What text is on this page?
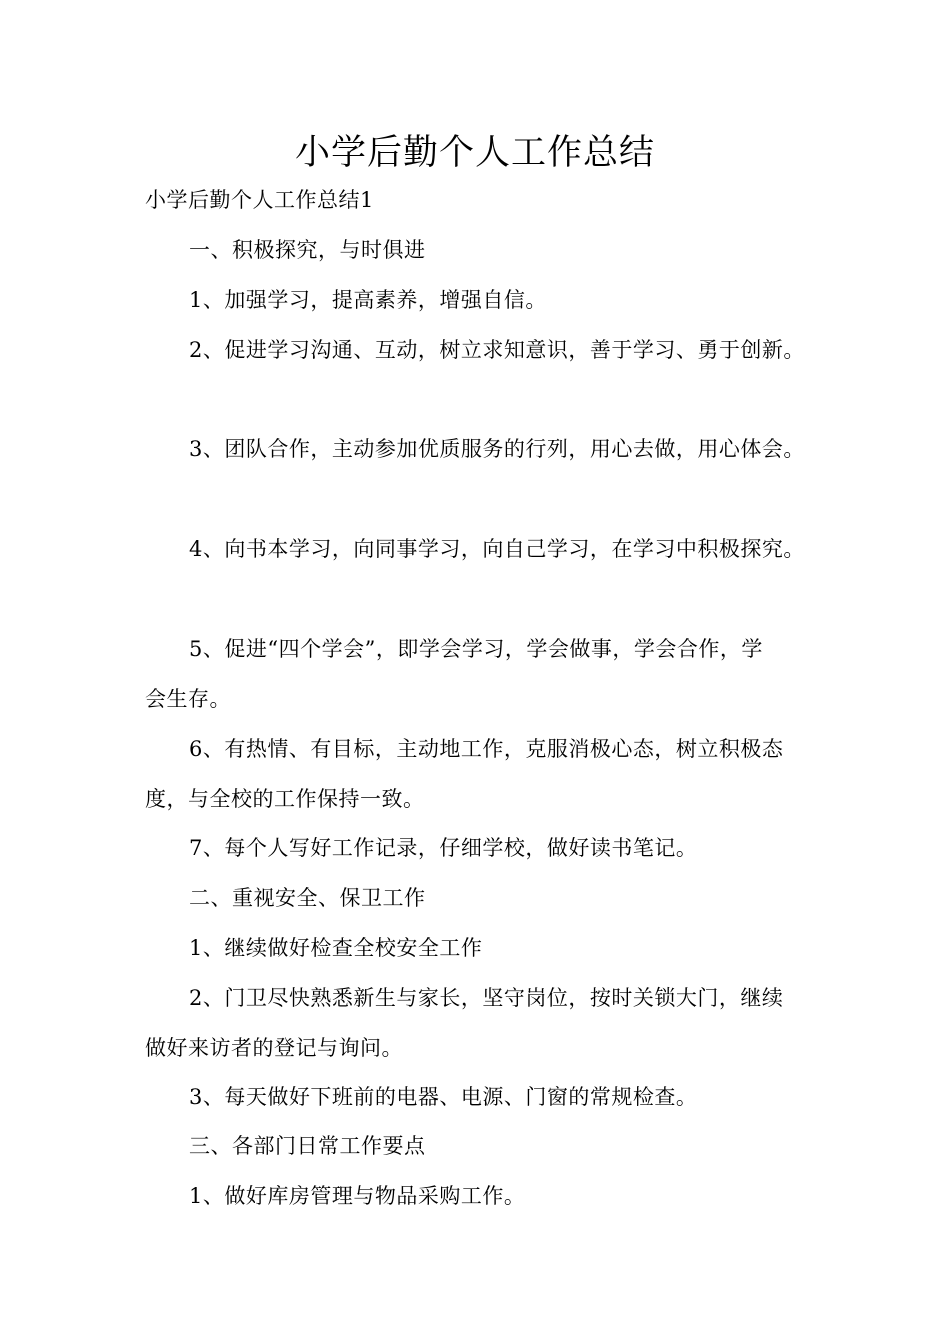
小学后勤个人工作总结
小学后勤个人工作总结1
一、积极探究，与时俱进
1、加强学习，提高素养，增强自信。
2、促进学习沟通、互动，树立求知意识，善于学习、勇于创新。
3、团队合作，主动参加优质服务的行列，用心去做，用心体会。
4、向书本学习，向同事学习，向自己学习，在学习中积极探究。
5、促进“四个学会”，即学会学习，学会做事，学会合作，学
会生存。
6、有热情、有目标，主动地工作，克服消极心态，树立积极态
度，与全校的工作保持一致。
7、每个人写好工作记录，仔细学校，做好读书笔记。
二、重视安全、保卫工作
1、继续做好检查全校安全工作
2、门卫尽快熟悉新生与家长，坚守岗位，按时关锁大门，继续
做好来访者的登记与询问。
3、每天做好下班前的电器、电源、门窗的常规检查。
三、各部门日常工作要点
1、做好库房管理与物品采购工作。
